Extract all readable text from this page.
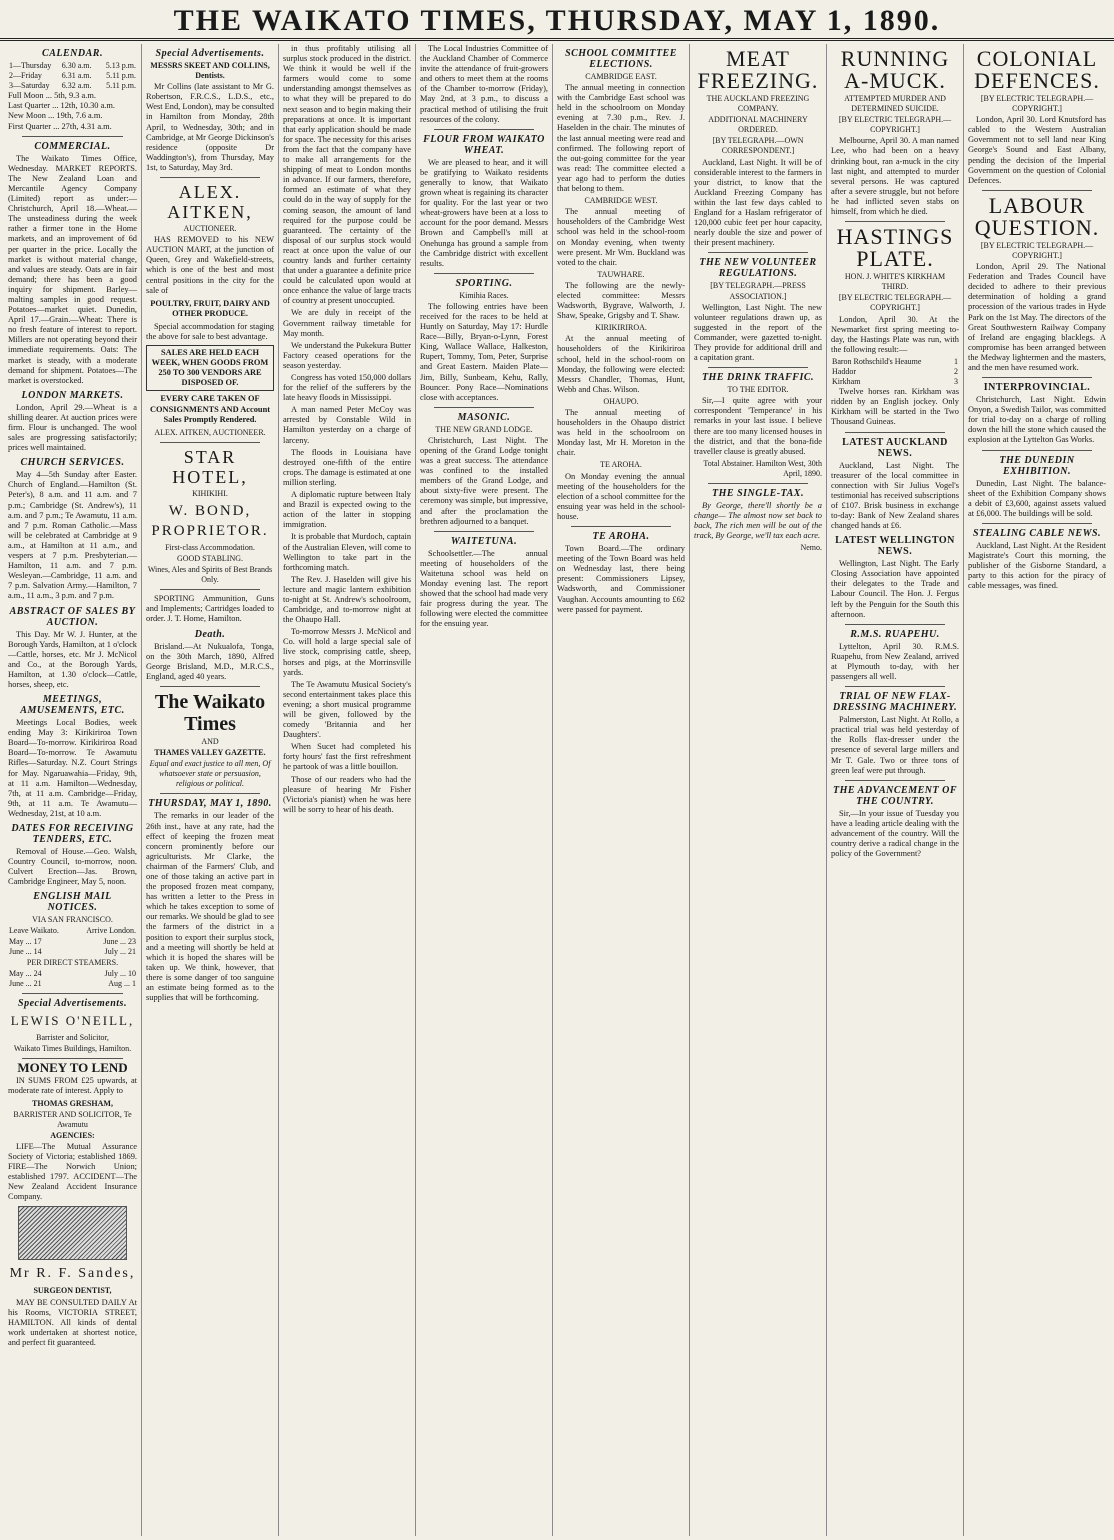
THE WAIKATO TIMES, THURSDAY, MAY 1, 1890.
CALENDAR.
1—Thursday	6.30 a.m.	5.13 p.m.
2—Friday	6.31 a.m.	5.11 p.m.
3—Saturday	6.32 a.m.	5.11 p.m.
Full Moon ... 5th, 9.3 a.m.
Last Quarter ... 12th, 10.30 a.m.
New Moon ... 19th, 7.6 a.m.
First Quarter ... 27th, 4.31 a.m.
COMMERCIAL.

The Waikato Times Office, Wednesday. MARKET REPORTS. The New Zealand Loan and Mercantile Agency Company (Limited) report as under:— Christchurch, April 18.—Wheat.—The unsteadiness during the week rather a firmer tone in the Home markets, and an improvement of 6d per quarter in the price. Locally the market is without material change, and values are steady. Oats are in fair demand; there has been a good inquiry for shipment. Barley—malting samples in good request. Potatoes—market quiet. Dunedin, April 17.—Grain.—Wheat: There is no fresh feature of interest to report. Millers are not operating beyond their immediate requirements. Oats: The market is steady, with a moderate demand for shipment. Potatoes—The market is overstocked.

LONDON MARKETS.

London, April 29.—Wheat is a shilling dearer. At auction prices were firm. Flour is unchanged. The wool sales are progressing satisfactorily; prices well maintained.

CHURCH SERVICES.

May 4—5th Sunday after Easter. Church of England.—Hamilton (St. Peter's), 8 a.m. and 11 a.m. and 7 p.m.; Cambridge (St. Andrew's), 11 a.m. and 7 p.m.; Te Awamutu, 11 a.m. and 7 p.m. Roman Catholic.—Mass will be celebrated at Cambridge at 9 a.m., at Hamilton at 11 a.m., and vespers at 7 p.m. Presbyterian.—Hamilton, 11 a.m. and 7 p.m. Wesleyan.—Cambridge, 11 a.m. and 7 p.m. Salvation Army.—Hamilton, 7 a.m., 11 a.m., 3 p.m. and 7 p.m.

ABSTRACT OF SALES BY AUCTION.

This Day. Mr W. J. Hunter, at the Borough Yards, Hamilton, at 1 o'clock—Cattle, horses, etc. Mr J. McNicol and Co., at the Borough Yards, Hamilton, at 1.30 o'clock—Cattle, horses, sheep, etc.

MEETINGS, AMUSEMENTS, ETC.

Meetings Local Bodies, week ending May 3: Kirikiriroa Town Board—To-morrow. Kirikiriroa Road Board—To-morrow. Te Awamutu Rifles—Saturday. N.Z. Court Strings for May. Ngaruawahia—Friday, 9th, at 11 a.m. Hamilton—Wednesday, 7th, at 11 a.m. Cambridge—Friday, 9th, at 11 a.m. Te Awamutu—Wednesday, 21st, at 10 a.m.

DATES FOR RECEIVING TENDERS, ETC.

Removal of House.—Geo. Walsh, Country Council, to-morrow, noon. Culvert Erection—Jas. Brown, Cambridge Engineer, May 5, noon.

ENGLISH MAIL NOTICES.
VIA SAN FRANCISCO.
Leave Waikato.	Arrive London.
May ... 17	June ... 23
June ... 14	July ... 21
PER DIRECT STEAMERS.
May ... 24	July ... 10
June ... 21	Aug ... 1
Special Advertisements.
LEWIS O'NEILL,
Barrister and Solicitor,
Waikato Times Buildings, Hamilton.
MONEY TO LEND

IN SUMS FROM £25 upwards, at moderate rate of interest. Apply to

THOMAS GRESHAM,
BARRISTER AND SOLICITOR, Te Awamutu
AGENCIES:

LIFE—The Mutual Assurance Society of Victoria; established 1869. FIRE—The Norwich Union; established 1797. ACCIDENT—The New Zealand Accident Insurance Company.

Mr R. F. Sandes,
SURGEON DENTIST,

MAY BE CONSULTED DAILY At his Rooms, VICTORIA STREET, HAMILTON. All kinds of dental work undertaken at shortest notice, and perfect fit guaranteed.

Special Advertisements.
MESSRS SKEET AND COLLINS, Dentists.

Mr Collins (late assistant to Mr G. Robertson, F.R.C.S., L.D.S., etc., West End, London), may be consulted in Hamilton from Monday, 28th April, to Wednesday, 30th; and in Cambridge, at Mr George Dickinson's residence (opposite Dr Waddington's), from Thursday, May 1st, to Saturday, May 3rd.

ALEX. AITKEN,
AUCTIONEER.

HAS REMOVED to his NEW AUCTION MART, at the junction of Queen, Grey and Wakefield-streets, which is one of the best and most central positions in the city for the sale of

POULTRY, FRUIT, DAIRY AND OTHER PRODUCE.

Special accommodation for staging the above for sale to best advantage.

SALES ARE HELD EACH WEEK, WHEN GOODS FROM 250 TO 300 VENDORS ARE DISPOSED OF.
EVERY CARE TAKEN OF CONSIGNMENTS AND Account Sales Promptly Rendered.
ALEX. AITKEN, AUCTIONEER.
STAR HOTEL,
KIHIKIHI.
W. BOND, PROPRIETOR.
First-class Accommodation.
GOOD STABLING.
Wines, Ales and Spirits of Best Brands Only.

SPORTING Ammunition, Guns and Implements; Cartridges loaded to order. J. T. Home, Hamilton.

Death.

Brisland.—At Nukualofa, Tonga, on the 30th March, 1890, Alfred George Brisland, M.D., M.R.C.S., England, aged 40 years.

The Waikato Times
AND
THAMES VALLEY GAZETTE.
Equal and exact justice to all men, Of whatsoever state or persuasion, religious or political.
THURSDAY, MAY 1, 1890.

The remarks in our leader of the 26th inst., have at any rate, had the effect of keeping the frozen meat concern prominently before our agriculturists. Mr Clarke, the chairman of the Farmers' Club, and one of those taking an active part in the proposed frozen meat company, has written a letter to the Press in which he takes exception to some of our remarks. We should be glad to see the farmers of the district in a position to export their surplus stock, and a meeting will shortly be held at which it is hoped the shares will be taken up. We think, however, that there is some danger of too sanguine an estimate being formed as to the supplies that will be forthcoming.

in thus profitably utilising all surplus stock produced in the district. We think it would be well if the farmers would come to some understanding amongst themselves as to what they will be prepared to do next season and to begin making their preparations at once. It is important that early application should be made for space. The necessity for this arises from the fact that the company have to make all arrangements for the shipping of meat to London months in advance. If our farmers, therefore, formed an estimate of what they could do in the way of supply for the coming season, the amount of land required for the purpose could be guaranteed. The certainty of the disposal of our surplus stock would react at once upon the value of our country lands and further certainty that under a guarantee a definite price could be calculated upon would at once enhance the value of large tracts of country at present unoccupied.

We are duly in receipt of the Government railway timetable for May month.

We understand the Pukekura Butter Factory ceased operations for the season yesterday.

Congress has voted 150,000 dollars for the relief of the sufferers by the late heavy floods in Mississippi.

A man named Peter McCoy was arrested by Constable Wild in Hamilton yesterday on a charge of larceny.

The floods in Louisiana have destroyed one-fifth of the entire crops. The damage is estimated at one million sterling.

A diplomatic rupture between Italy and Brazil is expected owing to the action of the latter in stopping immigration.

It is probable that Murdoch, captain of the Australian Eleven, will come to Wellington to take part in the forthcoming match.

The Rev. J. Haselden will give his lecture and magic lantern exhibition to-night at St. Andrew's schoolroom, Cambridge, and to-morrow night at the Ohaupo Hall.

To-morrow Messrs J. McNicol and Co. will hold a large special sale of live stock, comprising cattle, sheep, horses and pigs, at the Morrinsville yards.

The Te Awamutu Musical Society's second entertainment takes place this evening; a short musical programme will be given, followed by the comedy 'Britannia and her Daughters'.

When Sucet had completed his forty hours' fast the first refreshment he partook of was a little bouillon.

Those of our readers who had the pleasure of hearing Mr Fisher (Victoria's pianist) when he was here will be sorry to hear of his death.

The Local Industries Committee of the Auckland Chamber of Commerce invite the attendance of fruit-growers and others to meet them at the rooms of the Chamber to-morrow (Friday), May 2nd, at 3 p.m., to discuss a practical method of utilising the fruit resources of the colony.

FLOUR FROM WAIKATO WHEAT.

We are pleased to hear, and it will be gratifying to Waikato residents generally to know, that Waikato grown wheat is regaining its character for quality. For the last year or two wheat-growers have been at a loss to account for the poor demand. Messrs Brown and Campbell's mill at Onehunga has ground a sample from the Cambridge district with excellent results.

SPORTING.
Kimihia Races.

The following entries have been received for the races to be held at Huntly on Saturday, May 17: Hurdle Race—Billy, Bryan-o-Lynn, Forest King, Wallace Wallace, Halkeston, Rupert, Tommy, Tom, Peter, Surprise and Great Eastern. Maiden Plate—Jim, Billy, Sunbeam, Kehu, Rally, Bouncer. Pony Race—Nominations close with acceptances.

MASONIC.
THE NEW GRAND LODGE.

Christchurch, Last Night. The opening of the Grand Lodge tonight was a great success. The attendance was confined to the installed members of the Grand Lodge, and about sixty-five were present. The ceremony was simple, but impressive, and after the proclamation the brethren adjourned to a banquet.

WAITETUNA.

Schoolsettler.—The annual meeting of householders of the Waitetuna school was held on Monday evening last. The report showed that the school had made very fair progress during the year. The following were elected the committee for the ensuing year.

SCHOOL COMMITTEE ELECTIONS.
CAMBRIDGE EAST.

The annual meeting in connection with the Cambridge East school was held in the schoolroom on Monday evening at 7.30 p.m., Rev. J. Haselden in the chair. The minutes of the last annual meeting were read and confirmed. The following report of the out-going committee for the year was read: The committee elected a year ago had to perform the duties that belong to them.

CAMBRIDGE WEST.

The annual meeting of householders of the Cambridge West school was held in the school-room on Monday evening, when twenty were present. Mr Wm. Buckland was voted to the chair.

TAUWHARE.

The following are the newly-elected committee: Messrs Wadsworth, Bygrave, Walworth, J. Shaw, Speake, Grigsby and T. Shaw.

KIRIKIRIROA.

At the annual meeting of householders of the Kirikiriroa school, held in the school-room on Monday, the following were elected: Messrs Chandler, Thomas, Hunt, Webb and Chas. Wilson.

OHAUPO.

The annual meeting of householders in the Ohaupo district was held in the schoolroom on Monday last, Mr H. Moreton in the chair.

TE AROHA.

On Monday evening the annual meeting of the householders for the election of a school committee for the ensuing year was held in the school-house.

TE AROHA.

Town Board.—The ordinary meeting of the Town Board was held on Wednesday last, there being present: Commissioners Lipsey, Wadsworth, and Commissioner Vaughan. Accounts amounting to £62 were passed for payment.

MEAT FREEZING.
THE AUCKLAND FREEZING COMPANY.
ADDITIONAL MACHINERY ORDERED.
[BY TELEGRAPH.—OWN CORRESPONDENT.]

Auckland, Last Night. It will be of considerable interest to the farmers in your district, to know that the Auckland Freezing Company has within the last few days cabled to England for a Haslam refrigerator of 120,000 cubic feet per hour capacity, nearly double the size and power of their present machinery.

THE NEW VOLUNTEER REGULATIONS.
[BY TELEGRAPH.—PRESS ASSOCIATION.]

Wellington, Last Night. The new volunteer regulations drawn up, as suggested in the report of the Commander, were gazetted to-night. They provide for additional drill and a capitation grant.

THE DRINK TRAFFIC.
TO THE EDITOR.

Sir,—I quite agree with your correspondent 'Temperance' in his remarks in your last issue. I believe there are too many licensed houses in the district, and that the bona-fide traveller clause is greatly abused.

Total Abstainer. Hamilton West, 30th April, 1890.
THE SINGLE-TAX.

By George, there'll shortly be a change— The almost now set back to back, The rich men will be out of the track, By George, we'll tax each acre.

Nemo.
RUNNING A-MUCK.
ATTEMPTED MURDER AND DETERMINED SUICIDE.
[BY ELECTRIC TELEGRAPH.—COPYRIGHT.]

Melbourne, April 30. A man named Lee, who had been on a heavy drinking bout, ran a-muck in the city last night, and attempted to murder several persons. He was captured after a severe struggle, but not before he had inflicted seven stabs on himself, from which he died.

HASTINGS PLATE.
HON. J. WHITE'S KIRKHAM THIRD.
[BY ELECTRIC TELEGRAPH.—COPYRIGHT.]

London, April 30. At the Newmarket first spring meeting to-day, the Hastings Plate was run, with the following result:—

Baron Rothschild's Heaume	1
Haddor	2
Kirkham	3

Twelve horses ran. Kirkham was ridden by an English jockey. Only Kirkham will be started in the Two Thousand Guineas.

LATEST AUCKLAND NEWS.

Auckland, Last Night. The treasurer of the local committee in connection with Sir Julius Vogel's testimonial has received subscriptions of £107. Brisk business in exchange to-day: Bank of New Zealand shares changed hands at £6.

LATEST WELLINGTON NEWS.

Wellington, Last Night. The Early Closing Association have appointed their delegates to the Trade and Labour Council. The Hon. J. Fergus left by the Penguin for the South this afternoon.

R.M.S. RUAPEHU.

Lyttelton, April 30. R.M.S. Ruapehu, from New Zealand, arrived at Plymouth to-day, with her passengers all well.

TRIAL OF NEW FLAX-DRESSING MACHINERY.

Palmerston, Last Night. At Rollo, a practical trial was held yesterday of the Rolls flax-dresser under the presence of several large millers and Mr T. Gale. Two or three tons of green leaf were put through.

THE ADVANCEMENT OF THE COUNTRY.

Sir,—In your issue of Tuesday you have a leading article dealing with the advancement of the country. Will the country derive a radical change in the policy of the Government?

COLONIAL DEFENCES.
[BY ELECTRIC TELEGRAPH.—COPYRIGHT.]

London, April 30. Lord Knutsford has cabled to the Western Australian Government not to sell land near King George's Sound and East Albany, pending the decision of the Imperial Government on the question of Colonial Defences.

LABOUR QUESTION.
[BY ELECTRIC TELEGRAPH.—COPYRIGHT.]

London, April 29. The National Federation and Trades Council have decided to adhere to their previous determination of holding a grand procession of the various trades in Hyde Park on the 1st May. The directors of the Great Southwestern Railway Company of Ireland are engaging blacklegs. A compromise has been arranged between the Medway lightermen and the masters, and the men have resumed work.

INTERPROVINCIAL.

Christchurch, Last Night. Edwin Onyon, a Swedish Tailor, was committed for trial to-day on a charge of rolling down the hill the stone which caused the explosion at the Lyttelton Gas Works.

THE DUNEDIN EXHIBITION.

Dunedin, Last Night. The balance-sheet of the Exhibition Company shows a debit of £3,600, against assets valued at £6,000. The buildings will be sold.

STEALING CABLE NEWS.

Auckland, Last Night. At the Resident Magistrate's Court this morning, the publisher of the Gisborne Standard, a party to this action for the piracy of cable messages, was fined.
